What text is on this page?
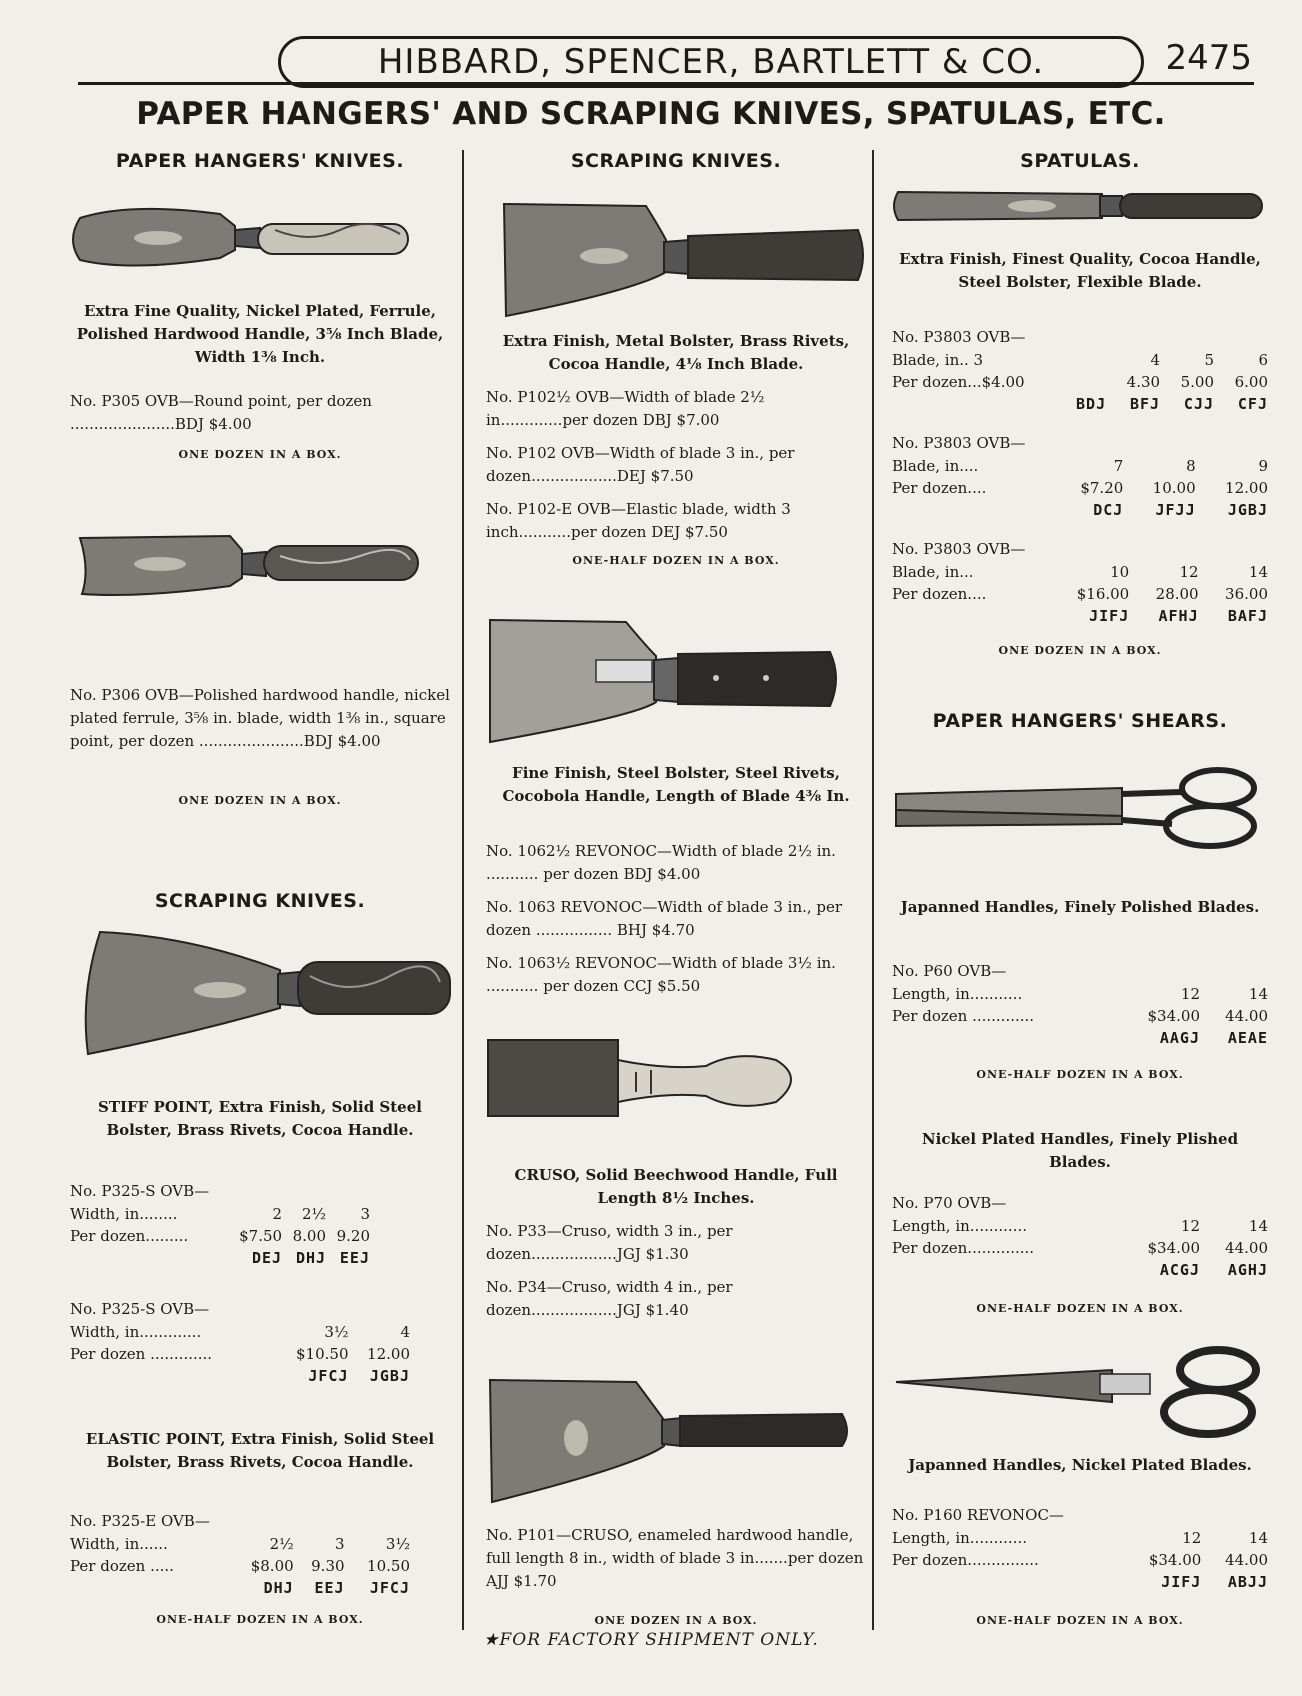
HIBBARD, SPENCER, BARTLETT & CO.	2475
PAPER HANGERS' AND SCRAPING KNIVES, SPATULAS, ETC.
PAPER HANGERS' KNIVES.
Extra Fine Quality, Nickel Plated, Ferrule, Polished Hardwood Handle, 3⅝ Inch Blade, Width 1⅜ Inch.
No. P305 OVB—Round point, per dozen ......................BDJ $4.00
ONE DOZEN IN A BOX.
No. P306 OVB—Polished hardwood handle, nickel plated ferrule, 3⅝ in. blade, width 1⅜ in., square point, per dozen ......................BDJ $4.00
ONE DOZEN IN A BOX.
SCRAPING KNIVES.
STIFF POINT, Extra Finish, Solid Steel Bolster, Brass Rivets, Cocoa Handle.
No. P325-S OVB—
Width, in........	2	2½	3
Per dozen.........	$7.50	8.00	9.20
	DEJ	DHJ	EEJ
No. P325-S OVB—
Width, in.............	3½	4
Per dozen .............	$10.50	12.00
	JFCJ	JGBJ
ELASTIC POINT, Extra Finish, Solid Steel Bolster, Brass Rivets, Cocoa Handle.
No. P325-E OVB—
Width, in......	2½	3	3½
Per dozen .....	$8.00	9.30	10.50
	DHJ	EEJ	JFCJ
ONE-HALF DOZEN IN A BOX.
SCRAPING KNIVES.
Extra Finish, Metal Bolster, Brass Rivets, Cocoa Handle, 4⅛ Inch Blade.
No. P102½ OVB—Width of blade 2½ in.............per dozen DBJ $7.00
No. P102 OVB—Width of blade 3 in., per dozen..................DEJ $7.50
No. P102-E OVB—Elastic blade, width 3 inch...........per dozen DEJ $7.50
ONE-HALF DOZEN IN A BOX.
Fine Finish, Steel Bolster, Steel Rivets, Cocobola Handle, Length of Blade 4⅜ In.
No. 1062½ REVONOC—Width of blade 2½ in. ........... per dozen BDJ $4.00
No. 1063 REVONOC—Width of blade 3 in., per dozen ................ BHJ $4.70
No. 1063½ REVONOC—Width of blade 3½ in. ........... per dozen CCJ $5.50
CRUSO, Solid Beechwood Handle, Full Length 8½ Inches.
No. P33—Cruso, width 3 in., per dozen..................JGJ $1.30
No. P34—Cruso, width 4 in., per dozen..................JGJ $1.40
No. P101—CRUSO, enameled hardwood handle, full length 8 in., width of blade 3 in.......per dozen AJJ $1.70
ONE DOZEN IN A BOX.
SPATULAS.
Extra Finish, Finest Quality, Cocoa Handle, Steel Bolster, Flexible Blade.
No. P3803 OVB—
Blade, in.. 3	4	5	6
Per dozen...$4.00	4.30	5.00	6.00
BDJ	BFJ	CJJ	CFJ
No. P3803 OVB—
Blade, in....	7	8	9
Per dozen....	$7.20	10.00	12.00
	DCJ	JFJJ	JGBJ
No. P3803 OVB—
Blade, in...	10	12	14
Per dozen....	$16.00	28.00	36.00
	JIFJ	AFHJ	BAFJ
ONE DOZEN IN A BOX.
PAPER HANGERS' SHEARS.
Japanned Handles, Finely Polished Blades.
No. P60 OVB—
Length, in...........	12	14
Per dozen .............	$34.00	44.00
	AAGJ	AEAE
ONE-HALF DOZEN IN A BOX.
Nickel Plated Handles, Finely Plished Blades.
No. P70 OVB—
Length, in............	12	14
Per dozen..............	$34.00	44.00
	ACGJ	AGHJ
ONE-HALF DOZEN IN A BOX.
Japanned Handles, Nickel Plated Blades.
No. P160 REVONOC—
Length, in............	12	14
Per dozen...............	$34.00	44.00
	JIFJ	ABJJ
ONE-HALF DOZEN IN A BOX.
★FOR FACTORY SHIPMENT ONLY.
